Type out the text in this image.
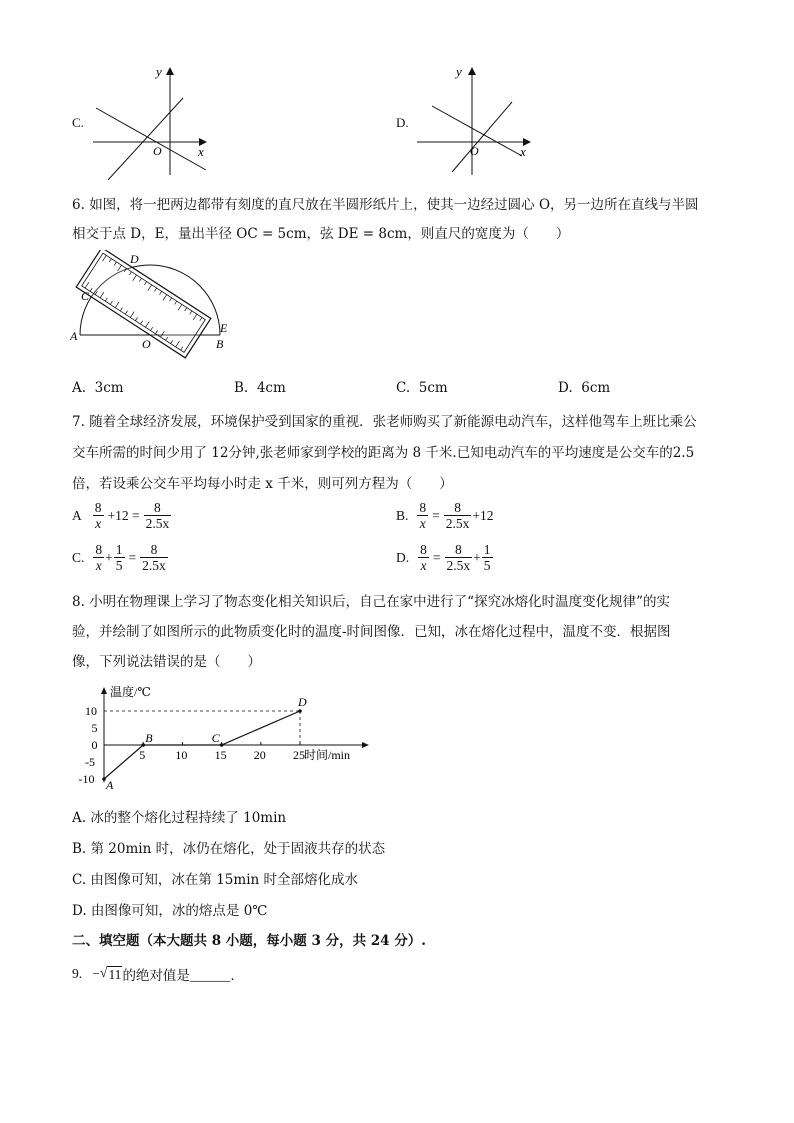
C.
x
y
O
D.
x
y
O
6. 如图，将一把两边都带有刻度的直尺放在半圆形纸片上，使其一边经过圆心 O，另一边所在直线与半圆
相交于点 D，E，量出半径 OC = 5cm，弦 DE = 8cm，则直尺的宽度为（　　）
A
B
C
D
E
O
A. 3cm	B. 4cm	C. 5cm	D. 6cm
7. 随着全球经济发展，环境保护受到国家的重视．张老师购买了新能源电动汽车，这样他驾车上班比乘公
交车所需的时间少用了 12分钟,张老师家到学校的距离为 8 千米.已知电动汽车的平均速度是公交车的2.5
倍，若设乘公交车平均每小时走 x 千米，则可列方程为（　　）
A $\frac{8}{x} +12 = \frac{8}{2.5x}$	B. $\frac{8}{x} = \frac{8}{2.5x} +12$
C. $\frac{8}{x} + \frac{1}{5} = \frac{8}{2.5x}$	D. $\frac{8}{x} = \frac{8}{2.5x} + \frac{1}{5}$
8. 小明在物理课上学习了物态变化相关知识后，自己在家中进行了“探究冰熔化时温度变化规律”的实
验，并绘制了如图所示的此物质变化时的温度-时间图像．已知，冰在熔化过程中，温度不变．根据图
像，下列说法错误的是（　　）
温度/℃
时间/min
5	10 15 20 25
10
5
0
-5
-10 A
B	C
D
A. 冰的整个熔化过程持续了 10min
B. 第 20min 时，冰仍在熔化，处于固液共存的状态
C. 由图像可知，冰在第 15min 时全部熔化成水
D. 由图像可知，冰的熔点是 0℃
二、填空题（本大题共 8 小题，每小题 3 分，共 24 分）.
9. − √ 11 的绝对值是______．
